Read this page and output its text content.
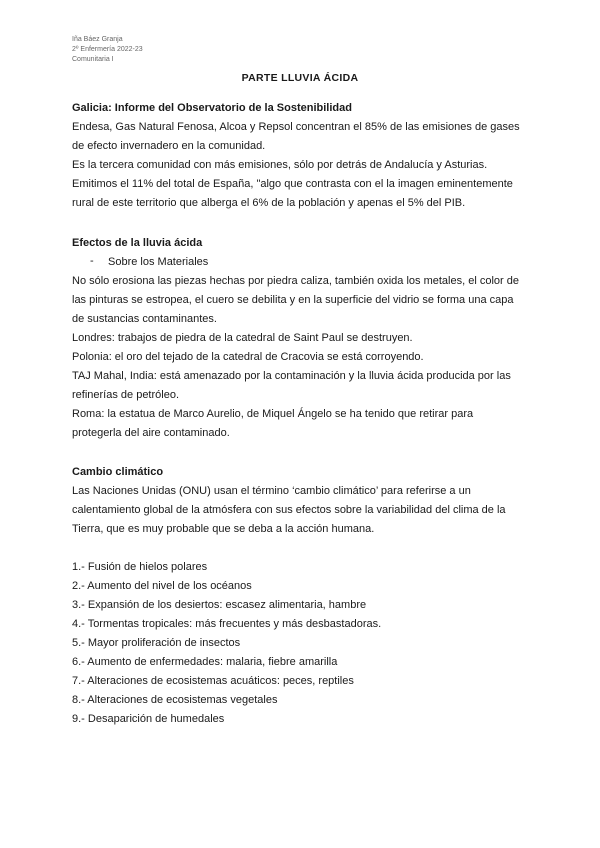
Iña Báez Granja
2º Enfermería 2022-23
Comunitaria I
PARTE LLUVIA ÁCIDA
Galicia: Informe del Observatorio de la Sostenibilidad
Endesa, Gas Natural Fenosa, Alcoa y Repsol concentran el 85% de las emisiones de gases
de efecto invernadero en la comunidad.
Es la tercera comunidad con más emisiones, sólo por detrás de Andalucía y Asturias.
Emitimos el 11% del total de España, "algo que contrasta con el la imagen eminentemente
rural de este territorio que alberga el 6% de la población y apenas el 5% del PIB.
Efectos de la lluvia ácida
- Sobre los Materiales
No sólo erosiona las piezas hechas por piedra caliza, también oxida los metales, el color de
las pinturas se estropea, el cuero se debilita y en la superficie del vidrio se forma una capa
de sustancias contaminantes.
Londres: trabajos de piedra de la catedral de Saint Paul se destruyen.
Polonia: el oro del tejado de la catedral de Cracovia se está corroyendo.
TAJ Mahal, India: está amenazado por la contaminación y la lluvia ácida producida por las
refinerías de petróleo.
Roma: la estatua de Marco Aurelio, de Miquel Ángelo se ha tenido que retirar para
protegerla del aire contaminado.
Cambio climático
Las Naciones Unidas (ONU) usan el término ‘cambio climático’ para referirse a un
calentamiento global de la atmósfera con sus efectos sobre la variabilidad del clima de la
Tierra, que es muy probable que se deba a la acción humana.
1.- Fusión de hielos polares
2.- Aumento del nivel de los océanos
3.- Expansión de los desiertos: escasez alimentaria, hambre
4.- Tormentas tropicales: más frecuentes y más desbastadoras.
5.- Mayor proliferación de insectos
6.- Aumento de enfermedades: malaria, fiebre amarilla
7.- Alteraciones de ecosistemas acuáticos: peces, reptiles
8.- Alteraciones de ecosistemas vegetales
9.- Desaparición de humedales
